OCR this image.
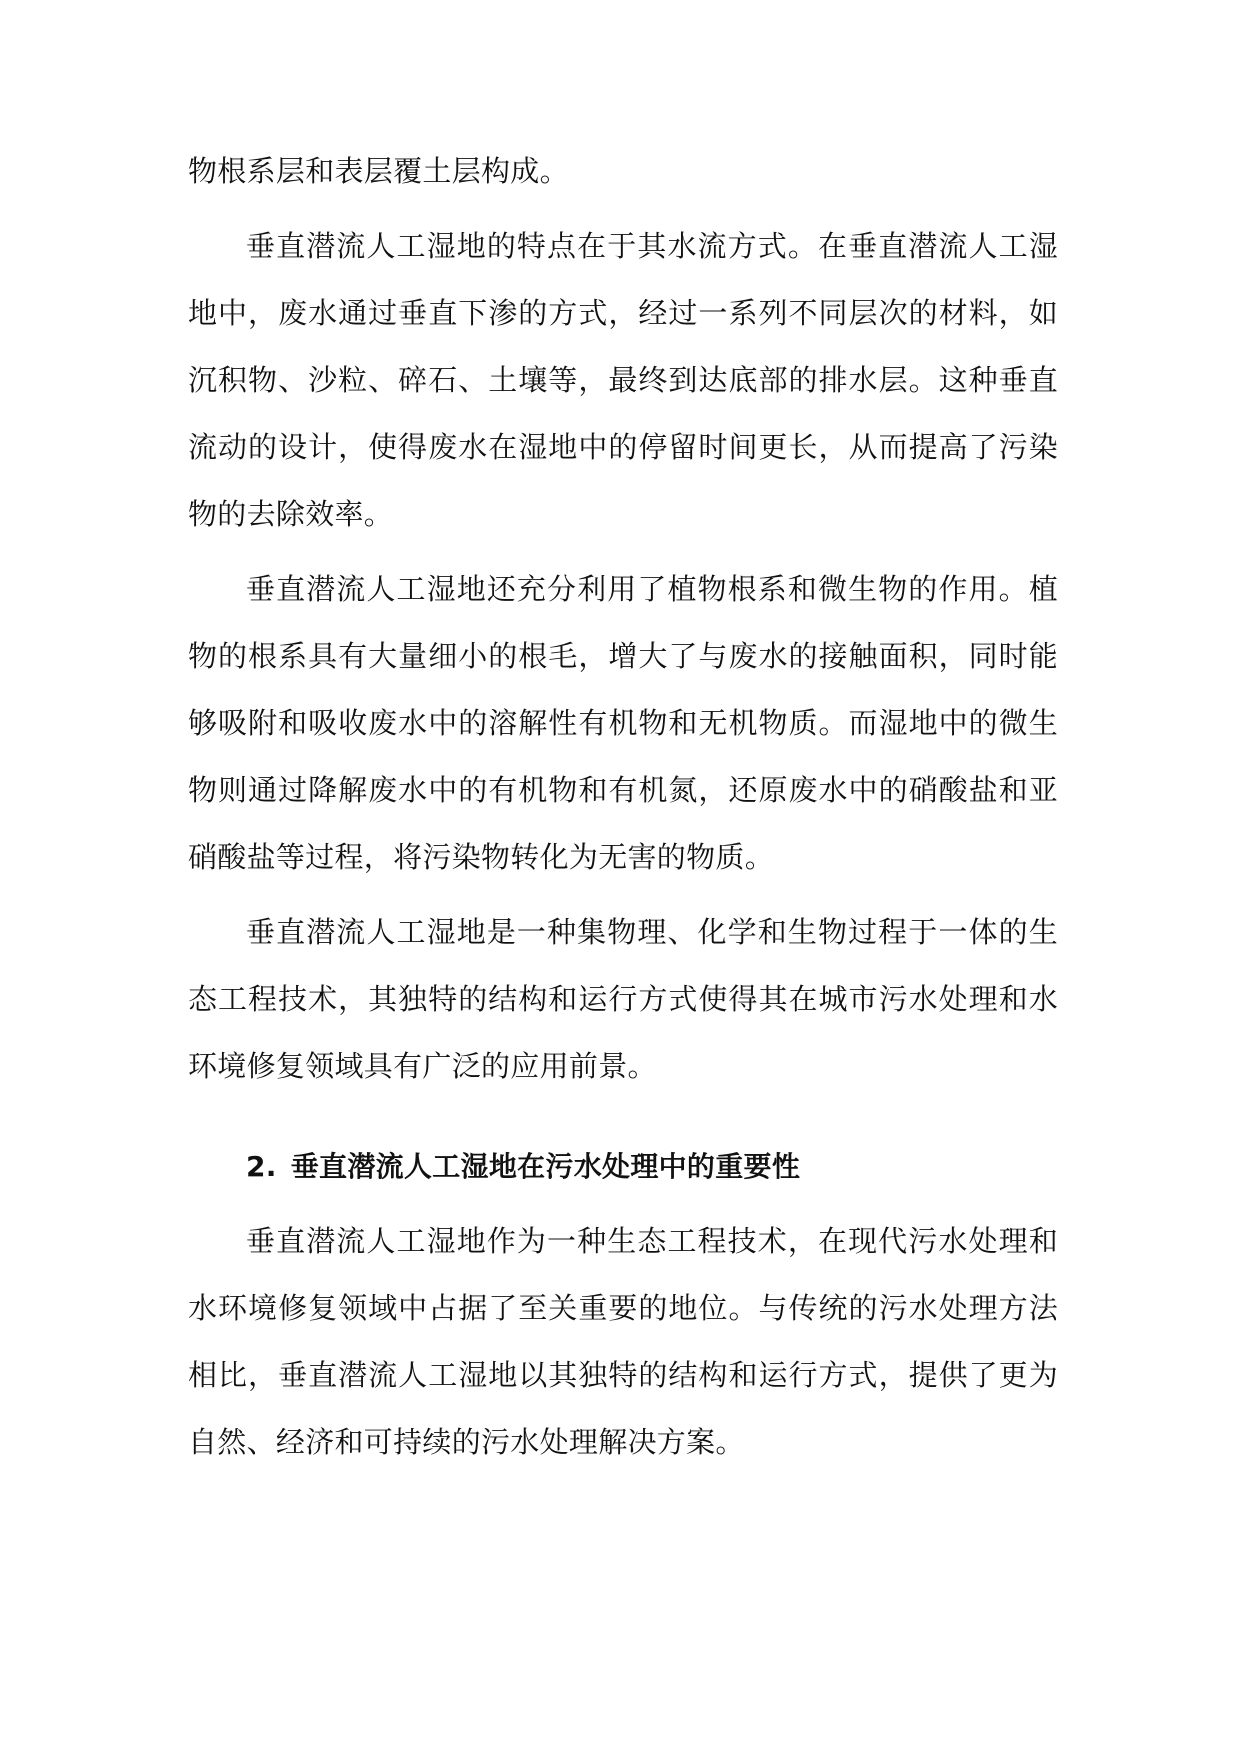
物根系层和表层覆土层构成。

垂直潜流人工湿地的特点在于其水流方式。在垂直潜流人工湿地中，废水通过垂直下渗的方式，经过一系列不同层次的材料，如沉积物、沙粒、碎石、土壤等，最终到达底部的排水层。这种垂直流动的设计，使得废水在湿地中的停留时间更长，从而提高了污染物的去除效率。

垂直潜流人工湿地还充分利用了植物根系和微生物的作用。植物的根系具有大量细小的根毛，增大了与废水的接触面积，同时能够吸附和吸收废水中的溶解性有机物和无机物质。而湿地中的微生物则通过降解废水中的有机物和有机氮，还原废水中的硝酸盐和亚硝酸盐等过程，将污染物转化为无害的物质。

垂直潜流人工湿地是一种集物理、化学和生物过程于一体的生态工程技术，其独特的结构和运行方式使得其在城市污水处理和水环境修复领域具有广泛的应用前景。

2. 垂直潜流人工湿地在污水处理中的重要性

垂直潜流人工湿地作为一种生态工程技术，在现代污水处理和水环境修复领域中占据了至关重要的地位。与传统的污水处理方法相比，垂直潜流人工湿地以其独特的结构和运行方式，提供了更为自然、经济和可持续的污水处理解决方案。
